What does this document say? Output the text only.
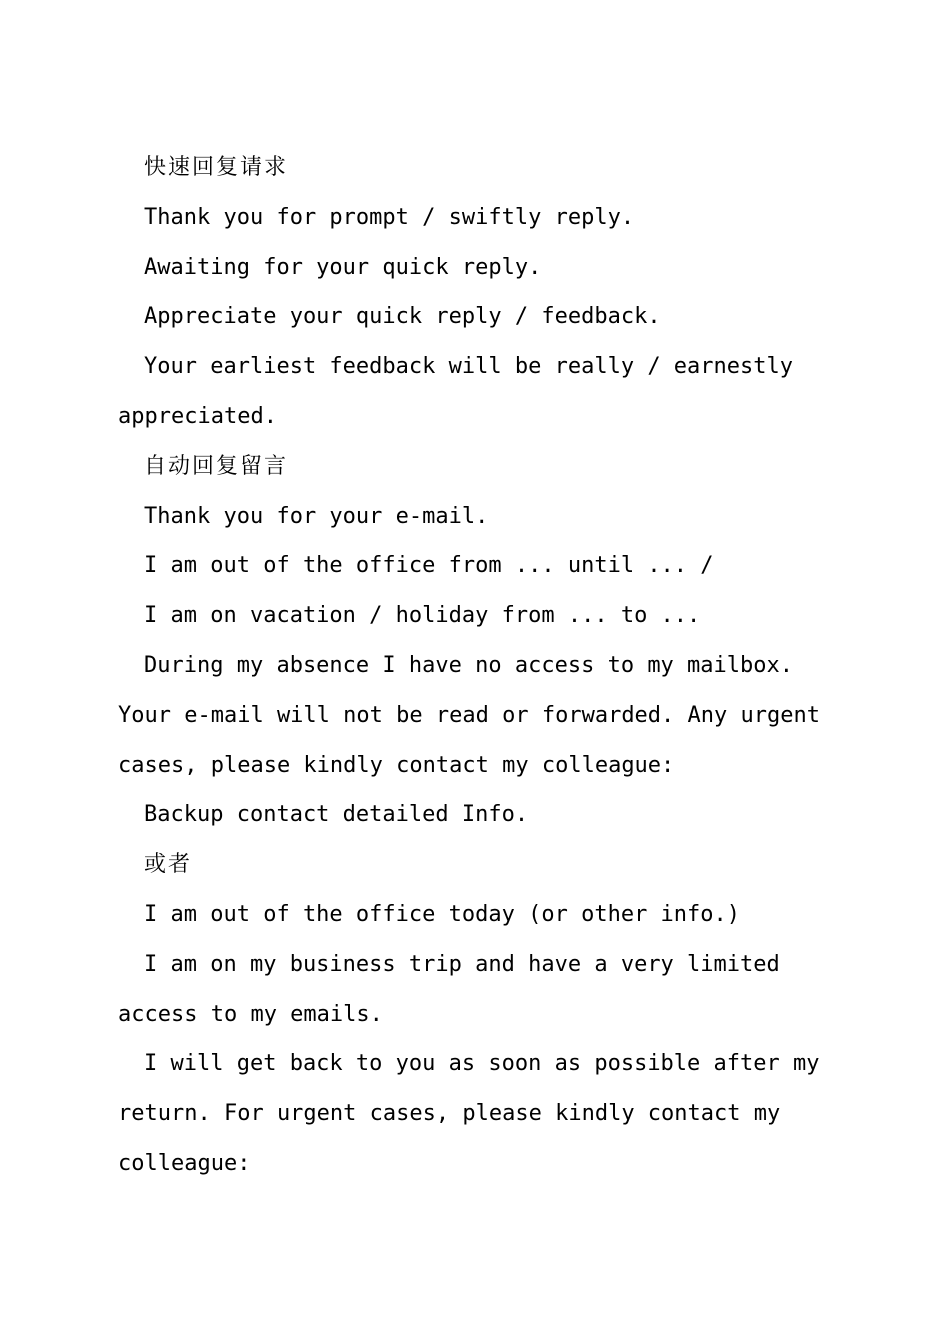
快速回复请求

Thank you for prompt / swiftly reply.

Awaiting for your quick reply.

Appreciate your quick reply / feedback.

Your earliest feedback will be really / earnestly appreciated.

自动回复留言

Thank you for your e-mail.

I am out of the office from ... until ... /

I am on vacation / holiday from ... to ...

During my absence I have no access to my mailbox. Your e-mail will not be read or forwarded. Any urgent cases, please kindly contact my colleague:

Backup contact detailed Info.

或者

I am out of the office today (or other info.)

I am on my business trip and have a very limited access to my emails.

I will get back to you as soon as possible after my return. For urgent cases, please kindly contact my colleague:
